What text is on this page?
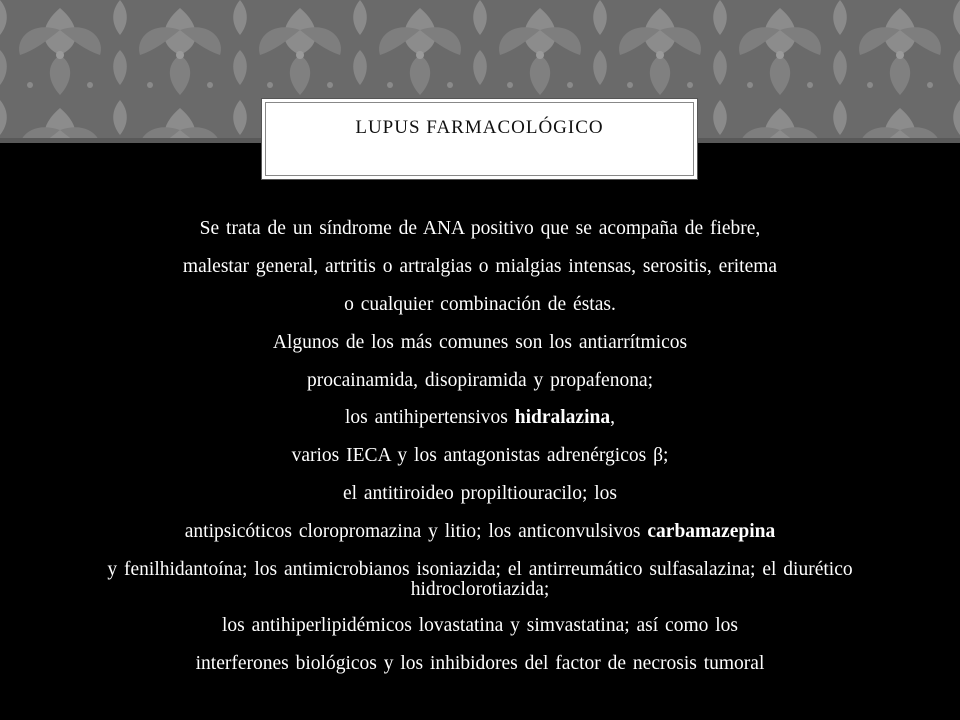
LUPUS FARMACOLÓGICO
Se trata de un síndrome de ANA positivo que se acompaña de fiebre,
malestar general, artritis o artralgias o mialgias intensas, serositis, eritema
o cualquier combinación de éstas.
Algunos de los más comunes son los antiarrítmicos
procainamida, disopiramida y propafenona;
los antihipertensivos hidralazina,
varios IECA y los antagonistas adrenérgicos β;
el antitiroideo propiltiouracilo; los
antipsicóticos cloropromazina y litio; los anticonvulsivos carbamazepina
y fenilhidantoína; los antimicrobianos isoniazida; el antirreumático sulfasalazina; el diurético hidroclorotiazida;
los antihiperlipidémicos lovastatina y simvastatina; así como los
interferones biológicos y los inhibidores del factor de necrosis tumoral
